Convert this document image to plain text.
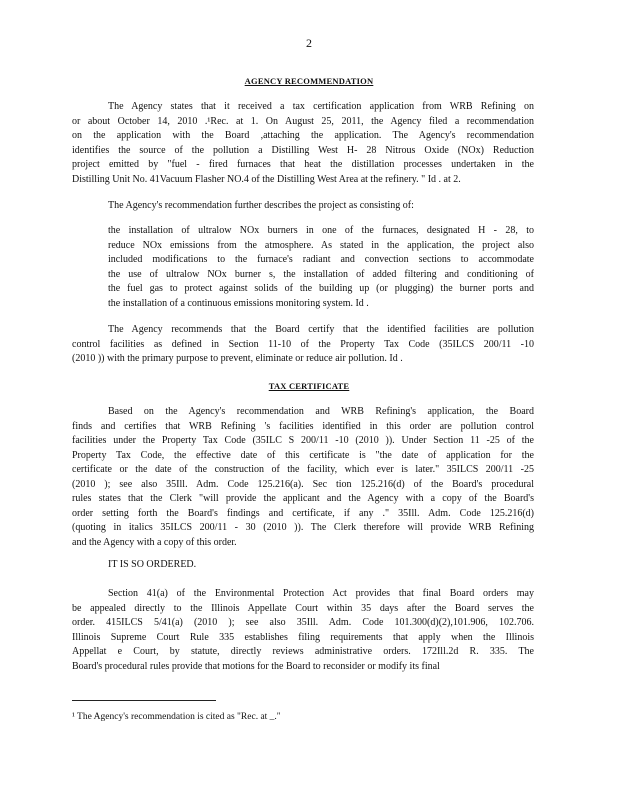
2
AGENCY RECOMMENDATION
The Agency states that it received a tax certification application from WRB Refining on
or about October 14, 2010 .¹Rec. at 1. On August 25, 2011, the Agency filed a recommendation
on the application with the Board ,attaching the application. The Agency's recommendation
identifies the source of the pollution a Distilling West H- 28 Nitrous Oxide (NOx) Reduction
project emitted by "fuel - fired furnaces that heat the distillation processes undertaken in the
Distilling Unit No. 41Vacuum Flasher NO.4 of the Distilling West Area at the refinery. " Id . at 2.
The Agency's recommendation further describes the project as consisting of:
the installation of ultralow NOx burners in one of the furnaces, designated H - 28, to
reduce NOx emissions from the atmosphere. As stated in the application, the project also
included modifications to the furnace's radiant and convection sections to accommodate
the use of ultralow NOx burner s, the installation of added filtering and conditioning of
the fuel gas to protect against solids of the building up (or plugging) the burner ports and
the installation of a continuous emissions monitoring system. Id .
The Agency recommends that the Board certify that the identified facilities are pollution
control facilities as defined in Section 11-10 of the Property Tax Code (35ILCS 200/11 -10
(2010 )) with the primary purpose to prevent, eliminate or reduce air pollution. Id .
TAX CERTIFICATE
Based on the Agency's recommendation and WRB Refining's application, the Board
finds and certifies that WRB Refining 's facilities identified in this order are pollution control
facilities under the Property Tax Code (35ILC S 200/11 -10 (2010 )). Under Section 11 -25 of the
Property Tax Code, the effective date of this certificate is "the date of application for the
certificate or the date of the construction of the facility, which ever is later." 35ILCS 200/11 -25
(2010 ); see also 35Ill. Adm. Code 125.216(a). Sec tion 125.216(d) of the Board's procedural
rules states that the Clerk "will provide the applicant and the Agency with a copy of the Board's
order setting forth the Board's findings and certificate, if any ." 35Ill. Adm. Code 125.216(d)
(quoting in italics 35ILCS 200/11 - 30 (2010 )). The Clerk therefore will provide WRB Refining
and the Agency with a copy of this order.
IT IS SO ORDERED.
Section 41(a) of the Environmental Protection Act provides that final Board orders may
be appealed directly to the Illinois Appellate Court within 35 days after the Board serves the
order. 415ILCS 5/41(a) (2010 ); see also 35Ill. Adm. Code 101.300(d)(2),101.906, 102.706.
Illinois Supreme Court Rule 335 establishes filing requirements that apply when the Illinois
Appellat e Court, by statute, directly reviews administrative orders. 172Ill.2d R. 335. The
Board's procedural rules provide that motions for the Board to reconsider or modify its final
¹ The Agency's recommendation is cited as "Rec. at _."
